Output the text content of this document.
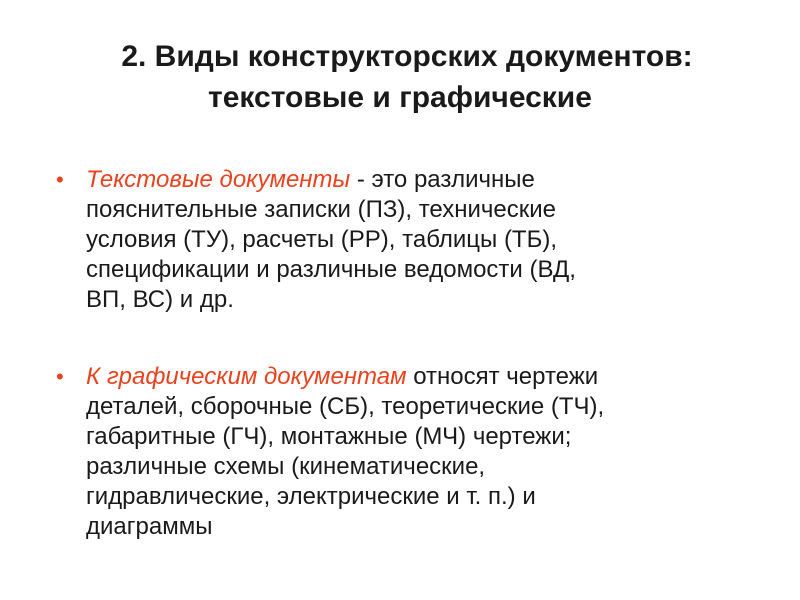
2. Виды конструкторских документов:
текстовые и графические
• Текстовые документы - это различные
пояснительные записки (ПЗ), технические
условия (ТУ), расчеты (РР), таблицы (ТБ),
спецификации и различные ведомости (ВД,
ВП, ВС) и др.
• К графическим документам относят чертежи
деталей, сборочные (СБ), теоретические (ТЧ),
габаритные (ГЧ), монтажные (МЧ) чертежи;
различные схемы (кинематические,
гидравлические, электрические и т. п.) и
диаграммы
